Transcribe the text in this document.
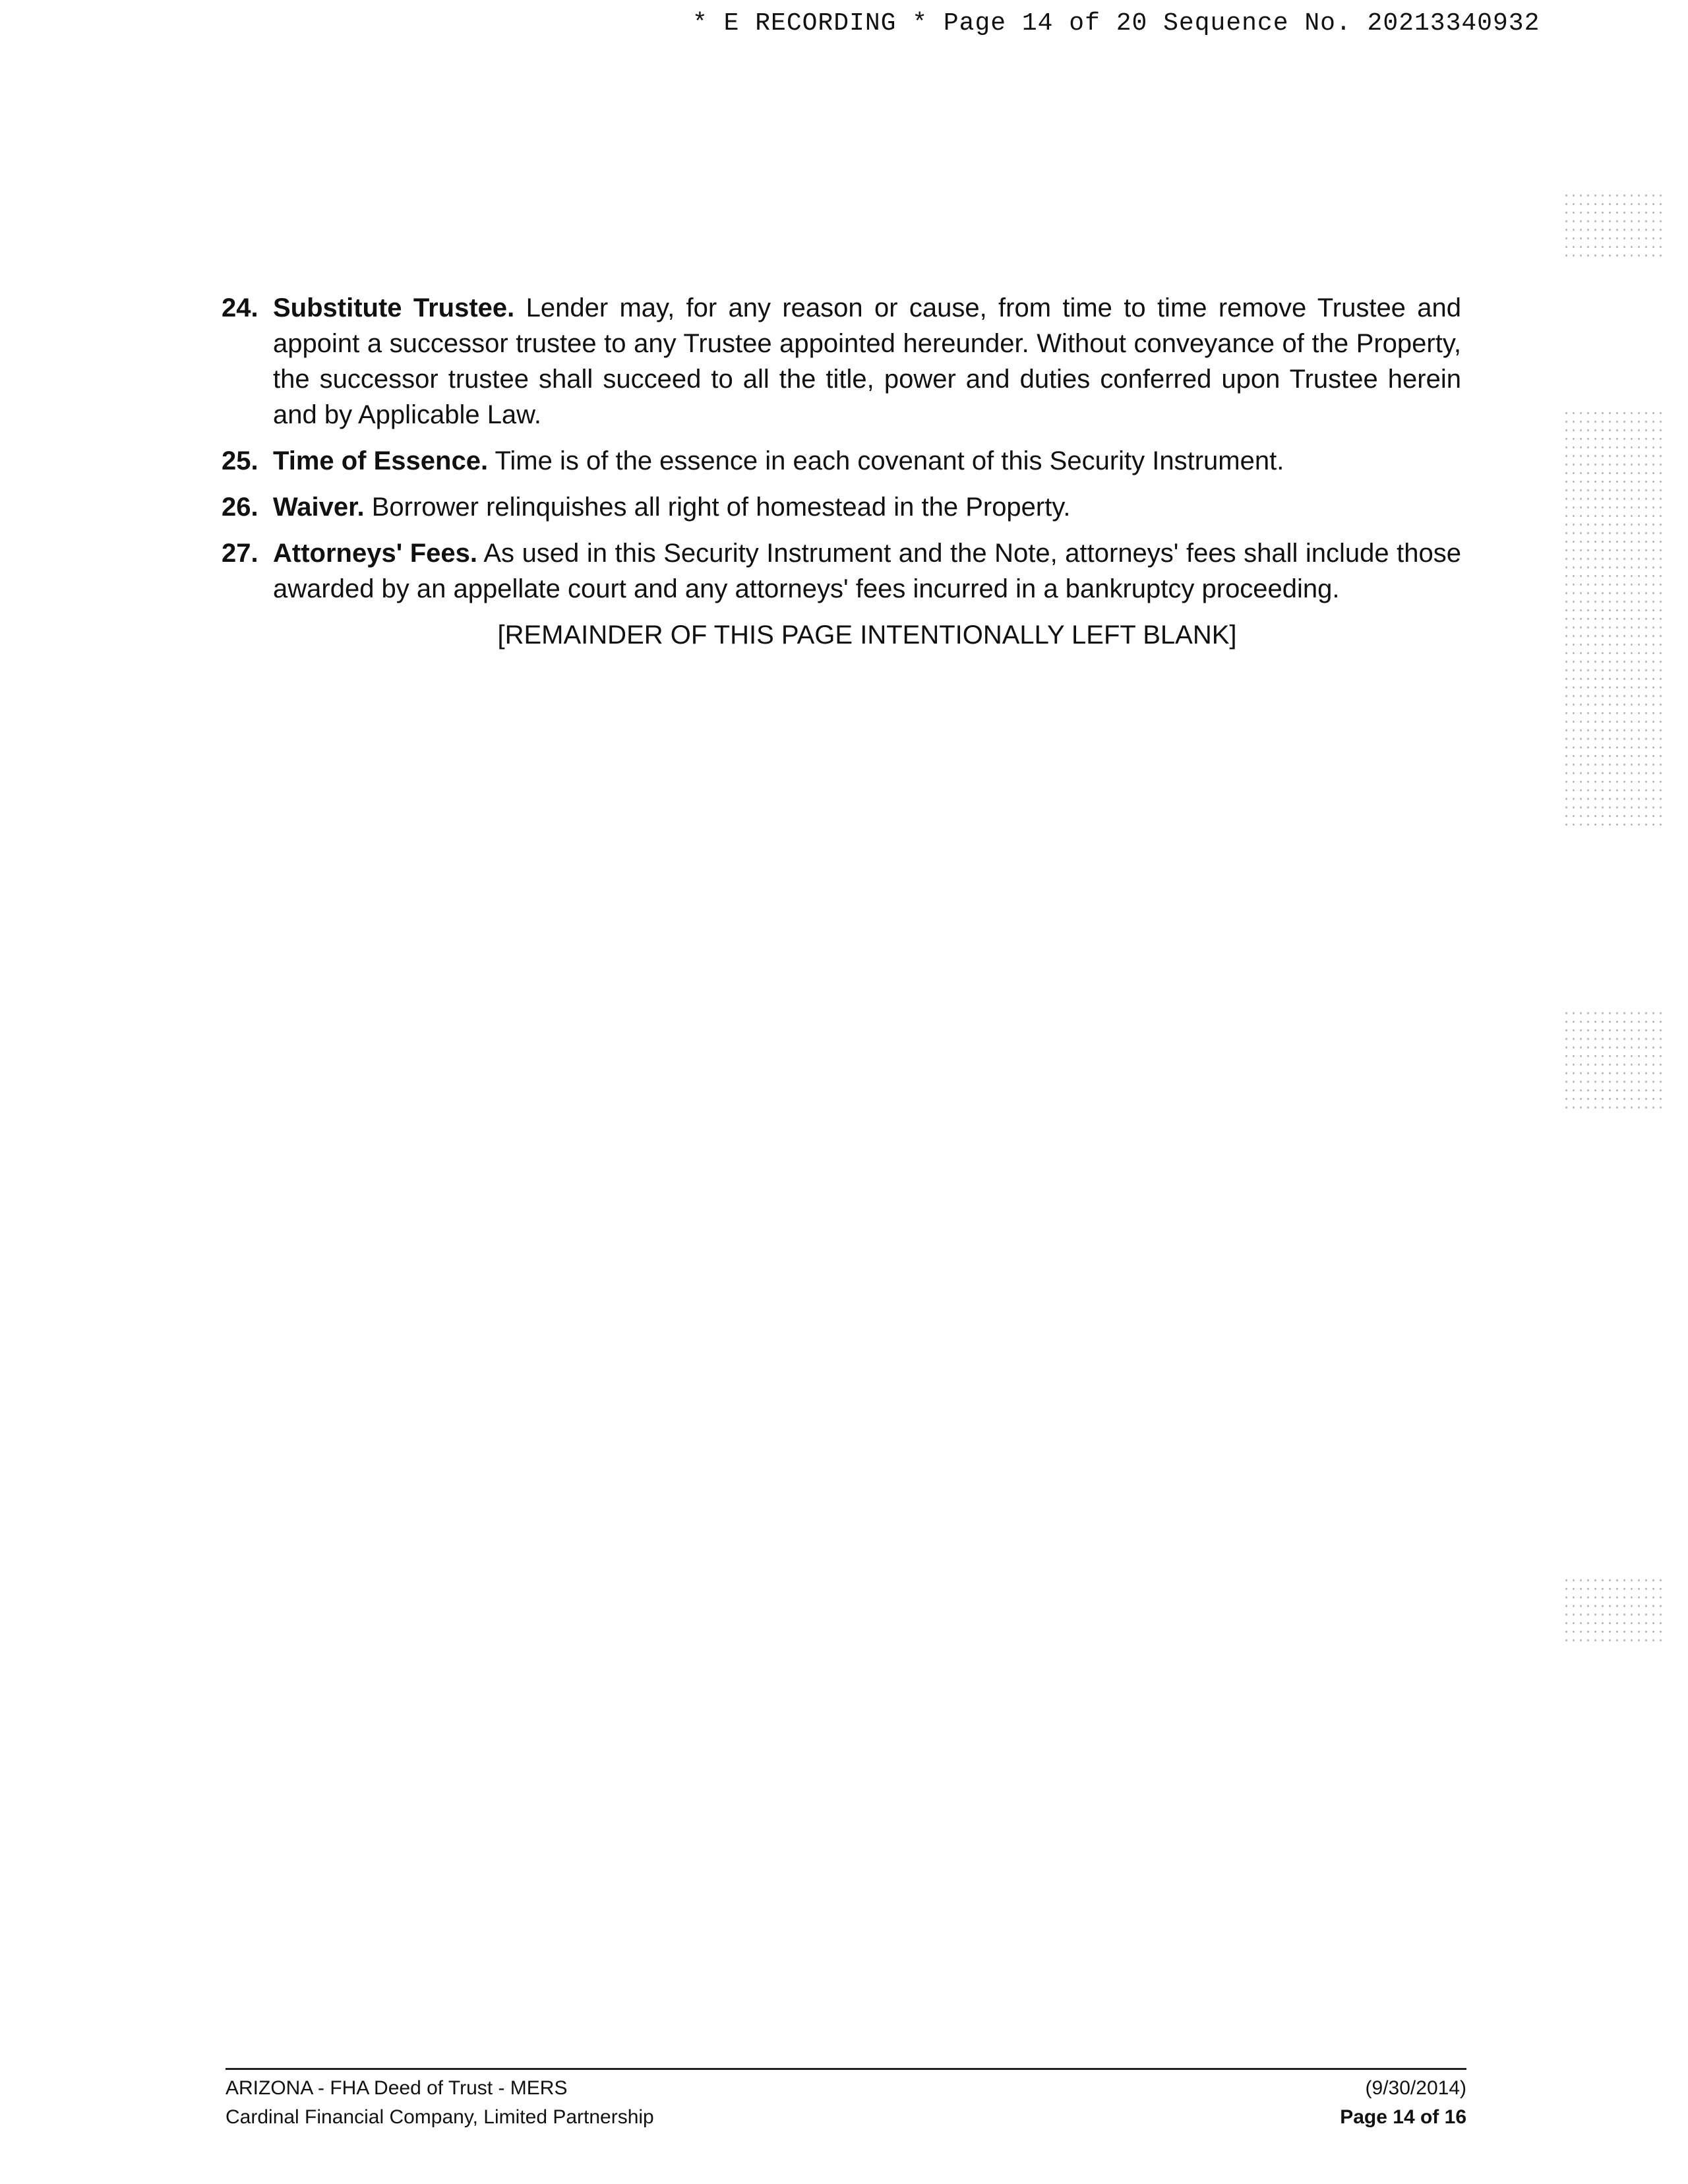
* E RECORDING * Page 14 of 20 Sequence No. 20213340932
24. Substitute Trustee. Lender may, for any reason or cause, from time to time remove Trustee and appoint a successor trustee to any Trustee appointed hereunder. Without conveyance of the Property, the successor trustee shall succeed to all the title, power and duties conferred upon Trustee herein and by Applicable Law.
25. Time of Essence. Time is of the essence in each covenant of this Security Instrument.
26. Waiver. Borrower relinquishes all right of homestead in the Property.
27. Attorneys' Fees. As used in this Security Instrument and the Note, attorneys' fees shall include those awarded by an appellate court and any attorneys' fees incurred in a bankruptcy proceeding.
[REMAINDER OF THIS PAGE INTENTIONALLY LEFT BLANK]
ARIZONA - FHA Deed of Trust - MERS
Cardinal Financial Company, Limited Partnership
(9/30/2014)
Page 14 of 16
